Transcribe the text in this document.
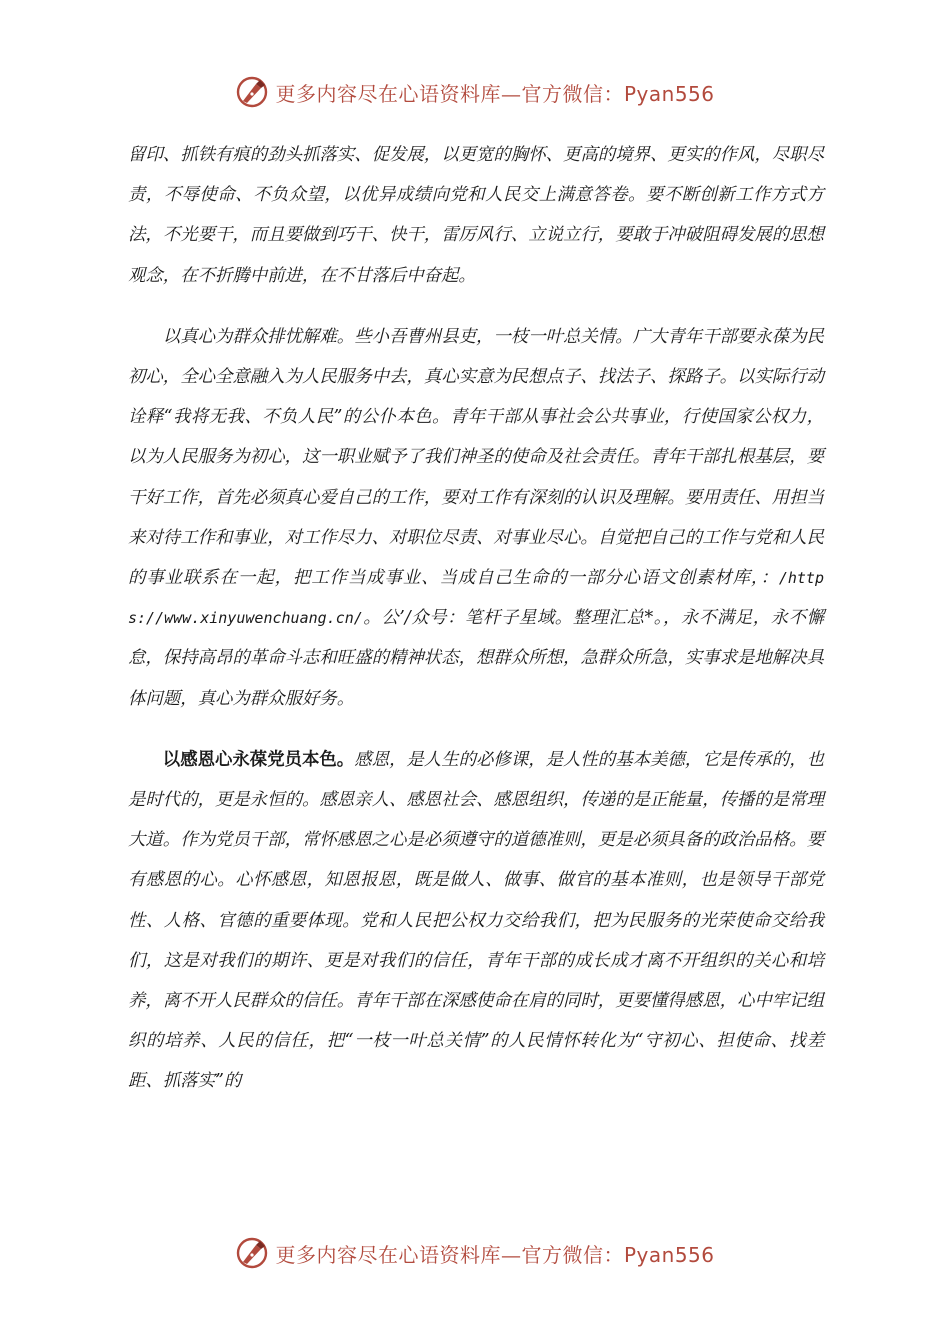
更多内容尽在心语资料库—官方微信：Pyan556

留印、抓铁有痕的劲头抓落实、促发展，以更宽的胸怀、更高的境界、更实的作风，尽职尽责，不辱使命、不负众望，以优异成绩向党和人民交上满意答卷。要不断创新工作方式方法，不光要干，而且要做到巧干、快干，雷厉风行、立说立行，要敢于冲破阻碍发展的思想观念，在不折腾中前进，在不甘落后中奋起。

以真心为群众排忧解难。些小吾曹州县吏，一枝一叶总关情。广大青年干部要永葆为民初心，全心全意融入为人民服务中去，真心实意为民想点子、找法子、探路子。以实际行动诠释“我将无我、不负人民”的公仆本色。青年干部从事社会公共事业，行使国家公权力，以为人民服务为初心，这一职业赋予了我们神圣的使命及社会责任。青年干部扎根基层，要干好工作，首先必须真心爱自己的工作，要对工作有深刻的认识及理解。要用责任、用担当来对待工作和事业，对工作尽力、对职位尽责、对事业尽心。自觉把自己的工作与党和人民的事业联系在一起，把工作当成事业、当成自己生命的一部分心语文创素材库，：/https://www.xinyuwenchuang.cn/。公’/众号：笔杆子星域。整理汇总*。，永不满足，永不懈怠，保持高昂的革命斗志和旺盛的精神状态，想群众所想，急群众所急，实事求是地解决具体问题，真心为群众服好务。

以感恩心永葆党员本色。感恩，是人生的必修课，是人性的基本美德，它是传承的，也是时代的，更是永恒的。感恩亲人、感恩社会、感恩组织，传递的是正能量，传播的是常理大道。作为党员干部，常怀感恩之心是必须遵守的道德准则，更是必须具备的政治品格。要有感恩的心。心怀感恩，知恩报恩，既是做人、做事、做官的基本准则，也是领导干部党性、人格、官德的重要体现。党和人民把公权力交给我们，把为民服务的光荣使命交给我们，这是对我们的期许、更是对我们的信任，青年干部的成长成才离不开组织的关心和培养，离不开人民群众的信任。青年干部在深感使命在肩的同时，更要懂得感恩，心中牢记组织的培养、人民的信任，把“一枝一叶总关情”的人民情怀转化为“守初心、担使命、找差距、抓落实”的

更多内容尽在心语资料库—官方微信：Pyan556
